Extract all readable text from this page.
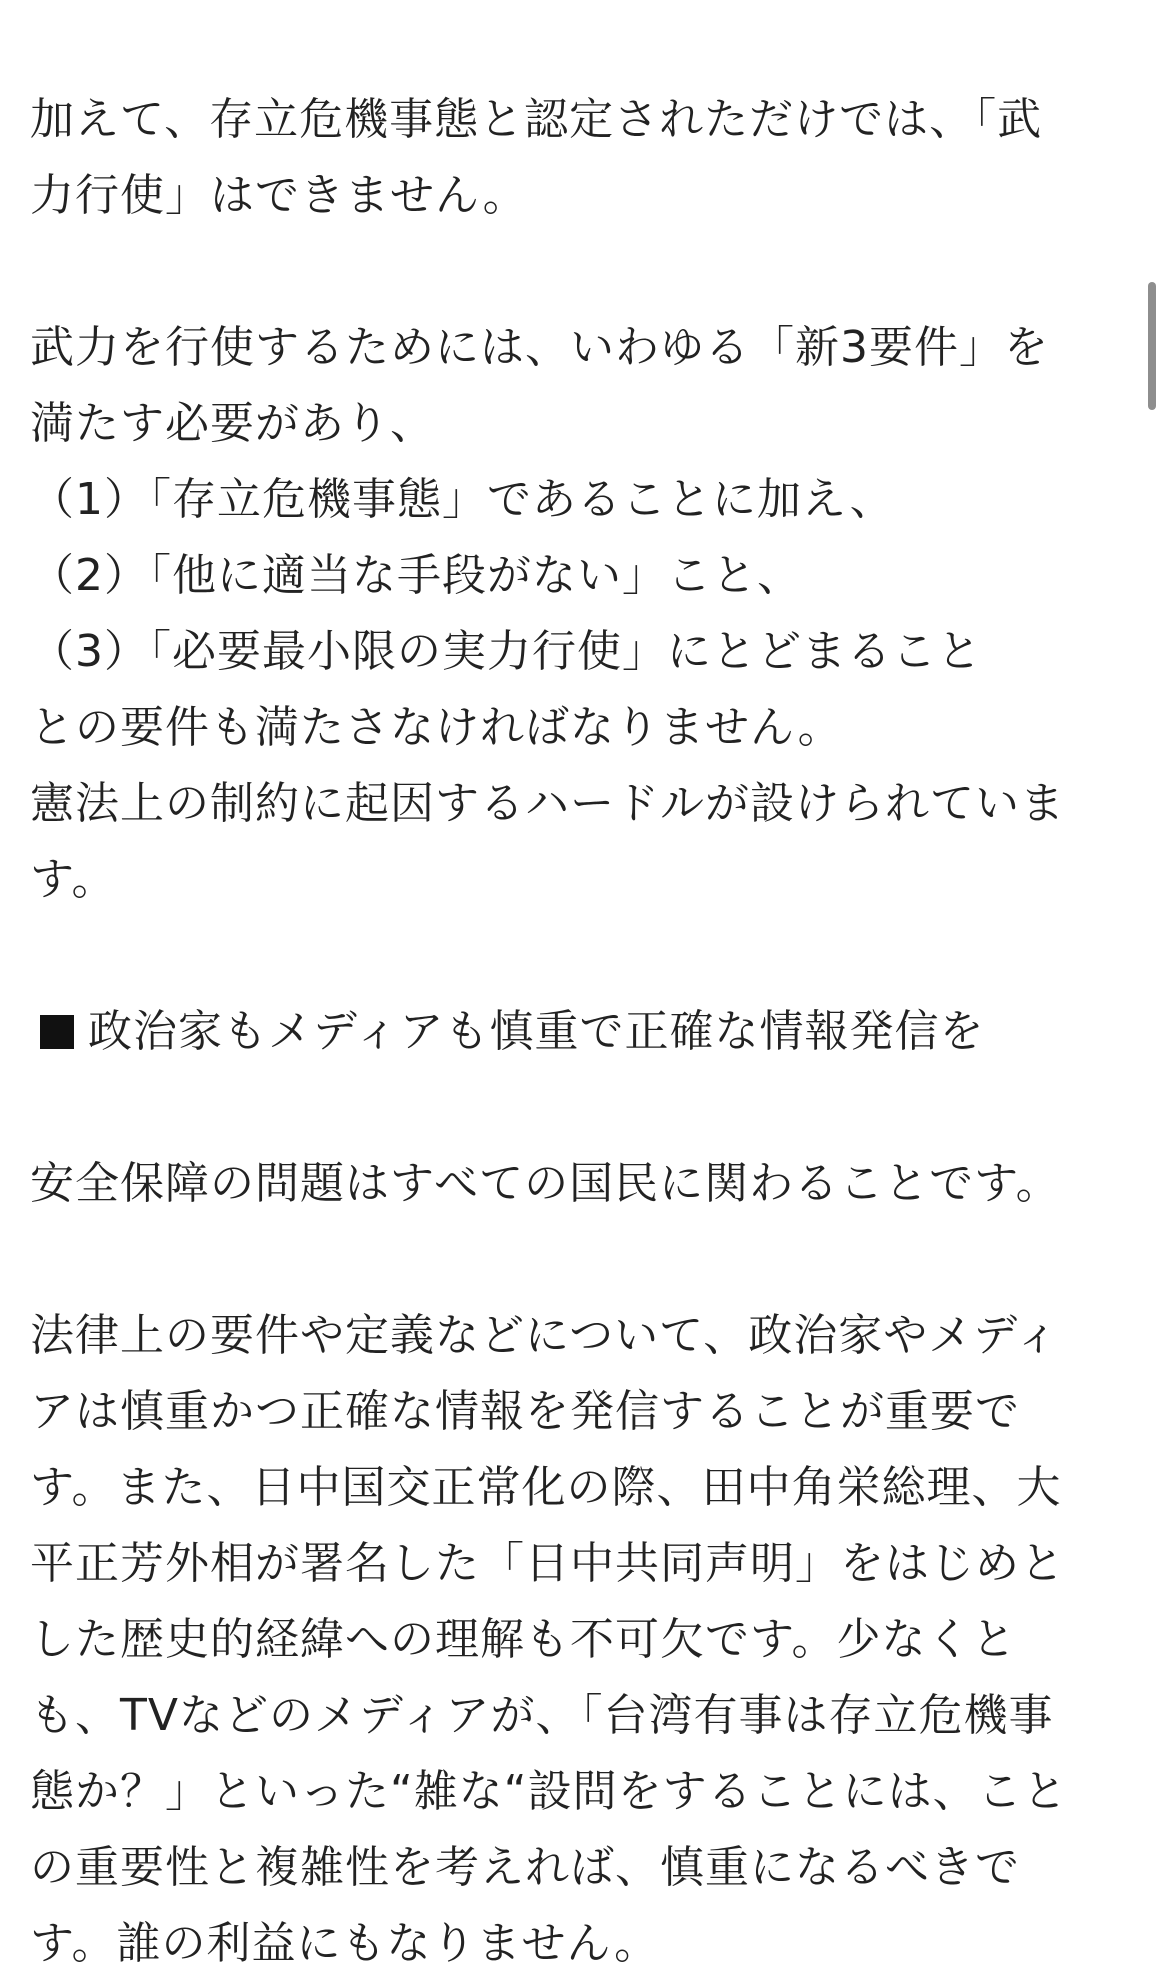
加えて、存立危機事態と認定されただけでは、「武

力行使」はできません。

武力を行使するためには、いわゆる「新3要件」を

満たす必要があり、

（1）「存立危機事態」であることに加え、

（2）「他に適当な手段がない」こと、

（3）「必要最小限の実力行使」にとどまること

との要件も満たさなければなりません。

憲法上の制約に起因するハードルが設けられていま

す。

政治家もメディアも慎重で正確な情報発信を

安全保障の問題はすべての国民に関わることです。

法律上の要件や定義などについて、政治家やメディ

アは慎重かつ正確な情報を発信することが重要で

す。また、日中国交正常化の際、田中角栄総理、大

平正芳外相が署名した「日中共同声明」をはじめと

した歴史的経緯への理解も不可欠です。少なくと

も、TVなどのメディアが、「台湾有事は存立危機事

態か？」といった“雑な“設問をすることには、こと

の重要性と複雑性を考えれば、慎重になるべきで

す。誰の利益にもなりません。
